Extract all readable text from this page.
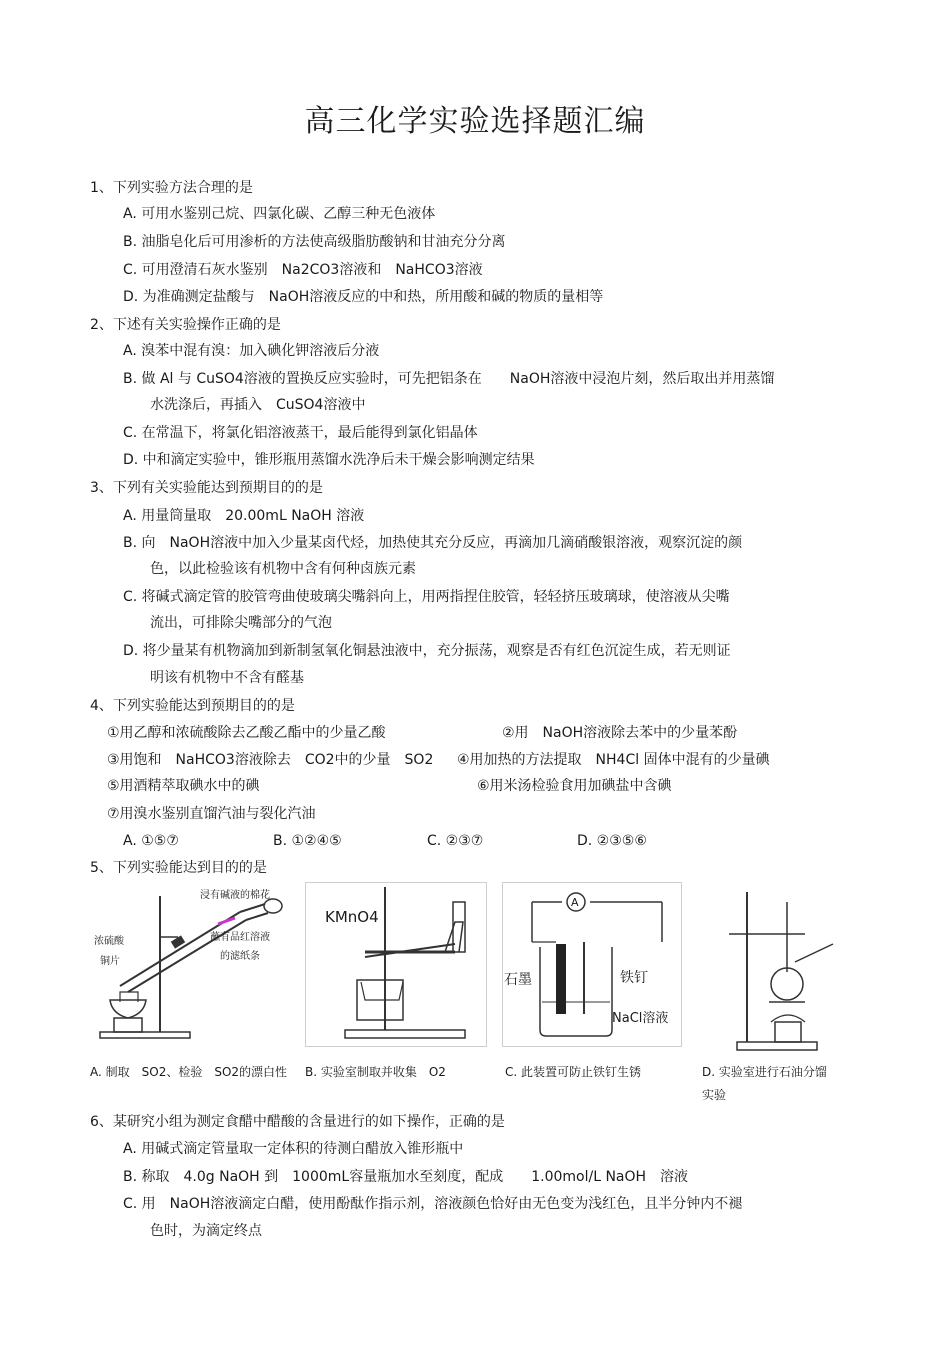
高三化学实验选择题汇编
1、下列实验方法合理的是
A. 可用水鉴别己烷、四氯化碳、乙醇三种无色液体
B. 油脂皂化后可用渗析的方法使高级脂肪酸钠和甘油充分分离
C. 可用澄清石灰水鉴别　Na2CO3溶液和　NaHCO3溶液
D. 为准确测定盐酸与　NaOH溶液反应的中和热，所用酸和碱的物质的量相等
2、下述有关实验操作正确的是
A. 溴苯中混有溴：加入碘化钾溶液后分液
B. 做 Al 与 CuSO4溶液的置换反应实验时，可先把铝条在　　NaOH溶液中浸泡片刻，然后取出并用蒸馏
水洗涤后，再插入　CuSO4溶液中
C. 在常温下，将氯化铝溶液蒸干，最后能得到氯化铝晶体
D. 中和滴定实验中，锥形瓶用蒸馏水洗净后未干燥会影响测定结果
3、下列有关实验能达到预期目的的是
A. 用量筒量取　20.00mL NaOH 溶液
B. 向　NaOH溶液中加入少量某卤代烃，加热使其充分反应，再滴加几滴硝酸银溶液，观察沉淀的颜
色，以此检验该有机物中含有何种卤族元素
C. 将碱式滴定管的胶管弯曲使玻璃尖嘴斜向上，用两指捏住胶管，轻轻挤压玻璃球，使溶液从尖嘴
流出，可排除尖嘴部分的气泡
D. 将少量某有机物滴加到新制氢氧化铜悬浊液中，充分振荡，观察是否有红色沉淀生成，若无则证
明该有机物中不含有醛基
4、下列实验能达到预期目的的是
①用乙醇和浓硫酸除去乙酸乙酯中的少量乙酸	②用　NaOH溶液除去苯中的少量苯酚
③用饱和　NaHCO3溶液除去　CO2中的少量　SO2 ④用加热的方法提取　NH4Cl 固体中混有的少量碘
⑤用酒精萃取碘水中的碘	⑥用米汤检验食用加碘盐中含碘
⑦用溴水鉴别直馏汽油与裂化汽油
A. ①⑤⑦	B. ①②④⑤	C. ②③⑦	D. ②③⑤⑥
5、下列实验能达到目的的是
浸有碱液的棉花
浓硫酸
铜片
蘸有品红溶液
的滤纸条
KMnO4
A
石墨	铁钉
NaCl溶液
A. 制取　SO2、检验　SO2的漂白性 B. 实验室制取并收集　O2	C. 此装置可防止铁钉生锈	D. 实验室进行石油分馏
实验
6、某研究小组为测定食醋中醋酸的含量进行的如下操作，正确的是
A. 用碱式滴定管量取一定体积的待测白醋放入锥形瓶中
B. 称取　4.0g NaOH 到　1000mL容量瓶加水至刻度，配成　　1.00mol/L NaOH　溶液
C. 用　NaOH溶液滴定白醋，使用酚酞作指示剂，溶液颜色恰好由无色变为浅红色，且半分钟内不褪
色时，为滴定终点
